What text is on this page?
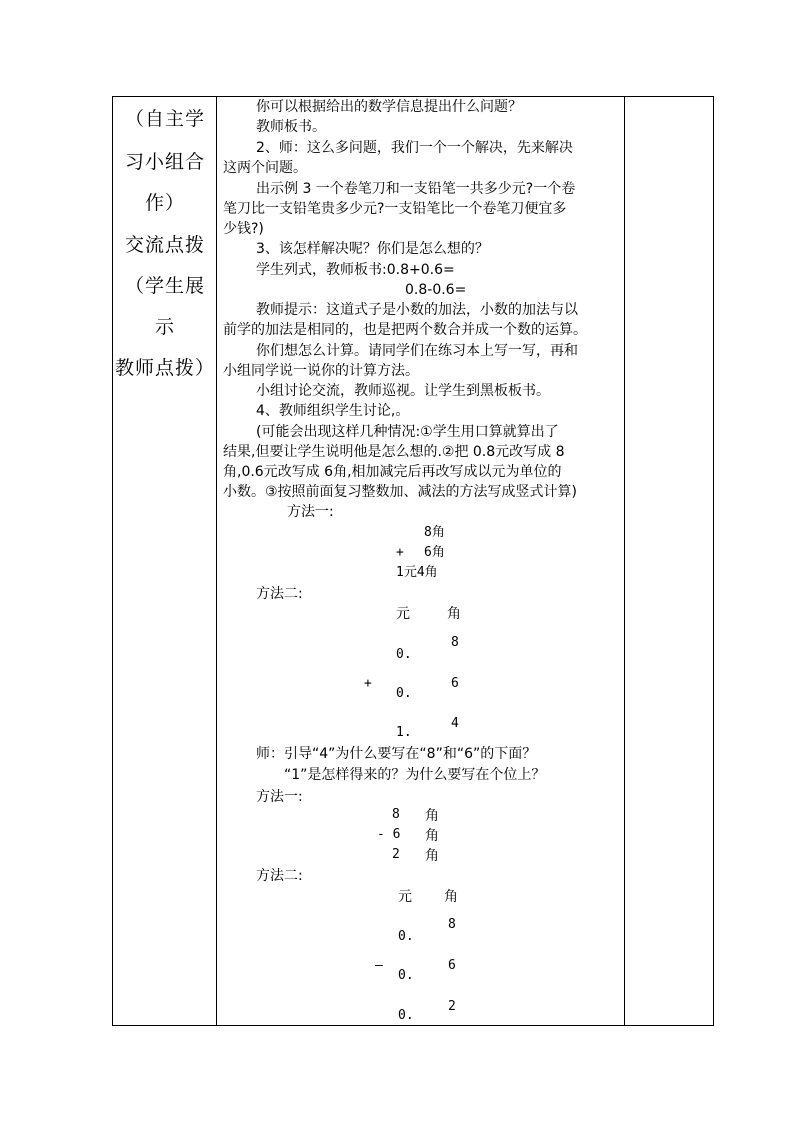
（自主学
习小组合
作）
交流点拨
（学生展
示
教师点拨）
你可以根据给出的数学信息提出什么问题？
教师板书。
2、师：这么多问题，我们一个一个解决，先来解决
这两个问题。
出示例 3 一个卷笔刀和一支铅笔一共多少元?一个卷
笔刀比一支铅笔贵多少元?一支铅笔比一个卷笔刀便宜多
少钱?)
3、该怎样解决呢？你们是怎么想的？
学生列式，教师板书:0.8+0.6=
0.8-0.6=
教师提示：这道式子是小数的加法，小数的加法与以
前学的加法是相同的，也是把两个数合并成一个数的运算。
你们想怎么计算。请同学们在练习本上写一写，再和
小组同学说一说你的计算方法。
小组讨论交流，教师巡视。让学生到黑板板书。
4、教师组织学生讨论,。
(可能会出现这样几种情况:①学生用口算就算出了
结果,但要让学生说明他是怎么想的.②把 0.8元改写成 8
角,0.6元改写成 6角,相加减完后再改写成以元为单位的
小数。③按照前面复习整数加、减法的方法写成竖式计算)
方法一:
8角
+ 6角
1元4角
方法二:
元	角
8
0.
+
0.
6
4
1.
师：引导“4”为什么要写在“8”和“6”的下面？
“1”是怎样得来的？为什么要写在个位上？
方法一:
8 角
- 6 角
2 角
方法二:
元 角
8
0.
–	6
0.
2
0.
